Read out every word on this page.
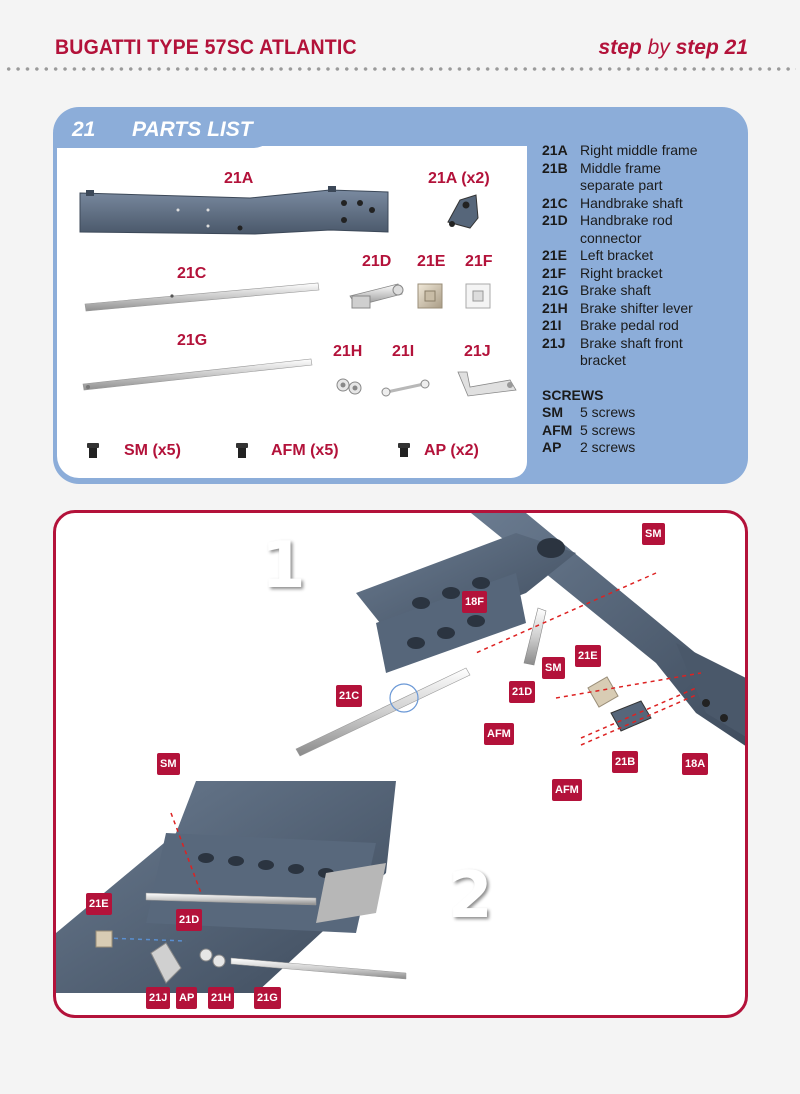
BUGATTI TYPE 57SC ATLANTIC	step by step 21
21 PARTS LIST
21A	21A (x2)
21C
21D 21E 21F
21G
21H 21I	21J
SM (x5)	AFM (x5)	AP (x2)
21A Right middle frame
21B Middle frame separate part
21C Handbrake shaft
21D Handbrake rod connector
21E Left bracket
21F Right bracket
21G Brake shaft
21H Brake shifter lever
21I	Brake pedal rod
21J	Brake shaft front bracket
SCREWS
SM	5 screws
AFM 5 screws
AP	2 screws
1
2
SM
18F
21C	21D
SM
21E
AFM
AFM
21B	18A
SM
21E
21D
21J AP 21H 21G
